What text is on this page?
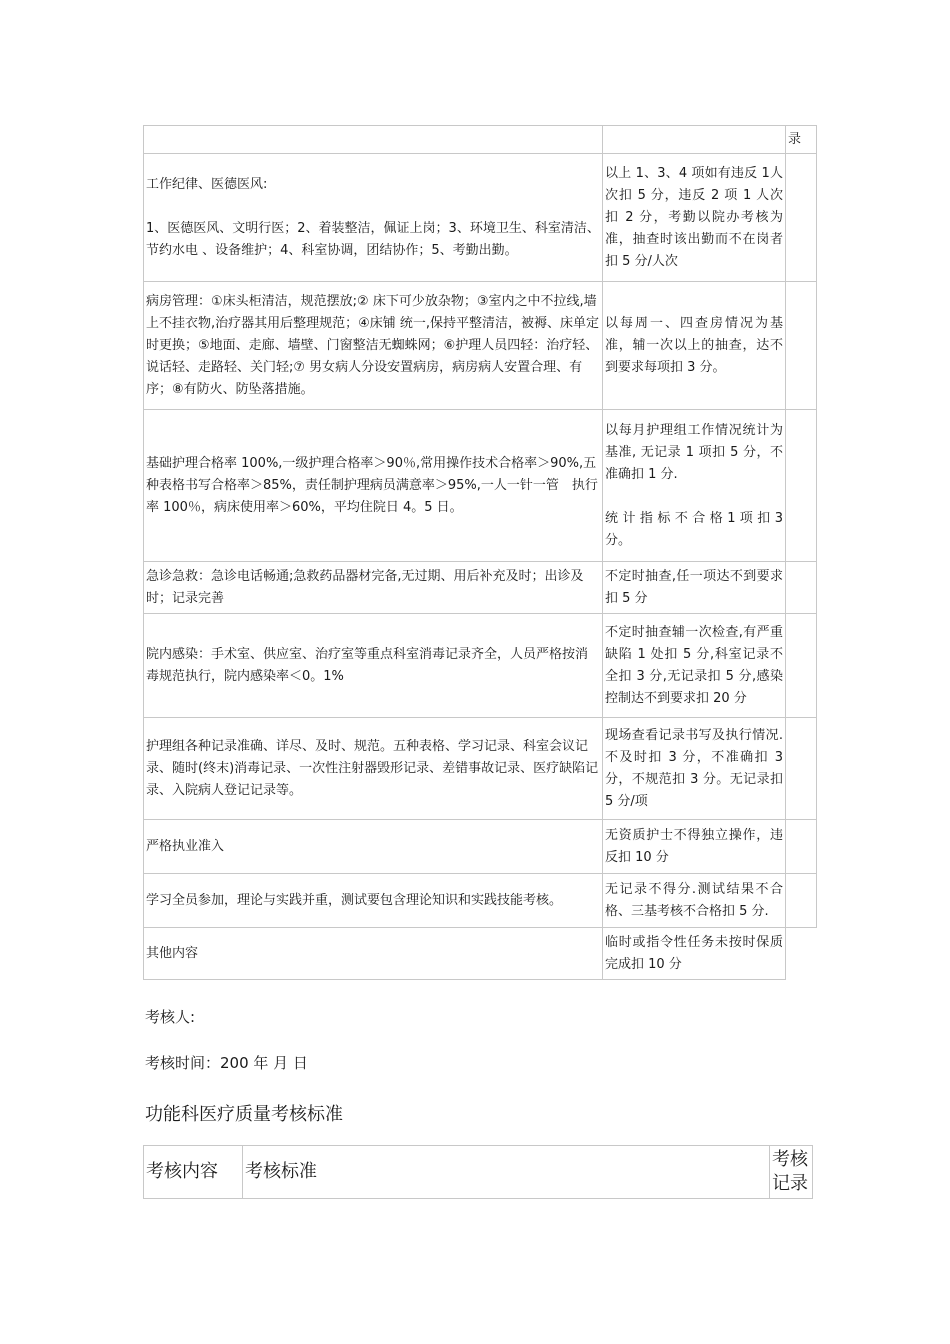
		录
工作纪律、医德医风:

1、医德医风、文明行医；2、着装整洁，佩证上岗；3、环境卫生、科室清洁、节约水电 、设备维护；4、科室协调，团结协作；5、考勤出勤。	以上 1、3、4 项如有违反 1人次扣 5 分，违反 2 项 1 人次扣 2 分，考勤以院办考核为准，抽查时该出勤而不在岗者扣 5 分/人次	
病房管理：①床头柜清洁，规范摆放;② 床下可少放杂物；③室内之中不拉线,墙上不挂衣物,治疗器其用后整理规范；④床铺 统一,保持平整清洁，被褥、床单定时更换；⑤地面、走廊、墙壁、门窗整洁无蜘蛛网；⑥护理人员四轻：治疗轻、说话轻、走路轻、关门轻;⑦ 男女病人分设安置病房，病房病人安置合理、有序；⑧有防火、防坠落措施。	以每周一、四查房情况为基准，辅一次以上的抽查，达不到要求每项扣 3 分。	
基础护理合格率 100%,一级护理合格率＞90％,常用操作技术合格率＞90%,五种表格书写合格率＞85%，责任制护理病员满意率＞95%,一人一针一管　执行率 100％，病床使用率＞60%，平均住院日 4。5 日。	以每月护理组工作情况统计为基准, 无记录 1 项扣 5 分，不准确扣 1 分.

统 计 指 标 不 合 格 1 项 扣 3分。	
急诊急救：急诊电话畅通;急救药品器材完备,无过期、用后补充及时；出诊及时；记录完善	不定时抽查,任一项达不到要求扣 5 分	
院内感染：手术室、供应室、治疗室等重点科室消毒记录齐全，人员严格按消毒规范执行，院内感染率＜0。1%	不定时抽查辅一次检查,有严重缺陷 1 处扣 5 分,科室记录不全扣 3 分,无记录扣 5 分,感染控制达不到要求扣 20 分	
护理组各种记录准确、详尽、及时、规范。五种表格、学习记录、科室会议记录、随时(终末)消毒记录、一次性注射器毁形记录、差错事故记录、医疗缺陷记录、入院病人登记记录等。	现场查看记录书写及执行情况.不及时扣 3 分，不准确扣 3 分，不规范扣 3 分。无记录扣 5 分/项	
严格执业准入	无资质护士不得独立操作，违反扣 10 分	
学习全员参加，理论与实践并重，测试要包含理论知识和实践技能考核。	无记录不得分.测试结果不合格、三基考核不合格扣 5 分.	
其他内容	临时或指令性任务未按时保质完成扣 10 分	
考核人:
考核时间：200 年 月 日
功能科医疗质量考核标准
考核内容	考核标准	考核记录
